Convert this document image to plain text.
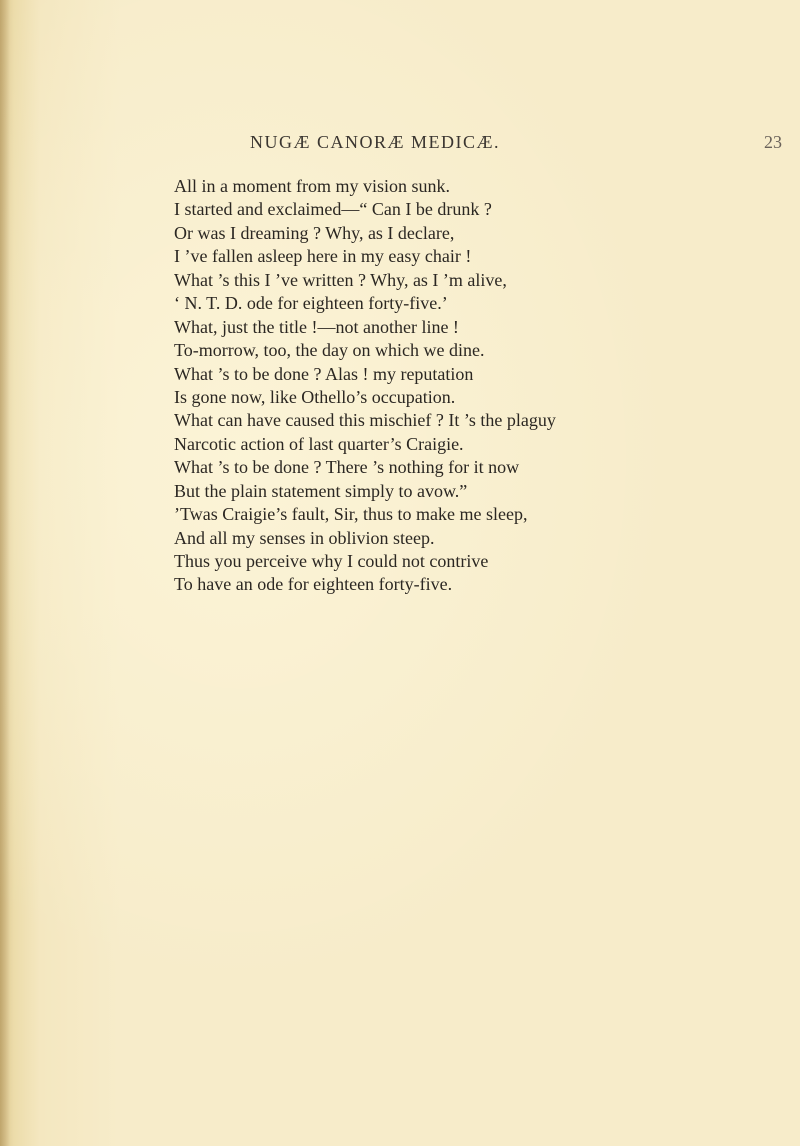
NUGÆ CANORÆ MEDICÆ.	23
All in a moment from my vision sunk.
I started and exclaimed—“ Can I be drunk ?
Or was I dreaming ? Why, as I declare,
I ’ve fallen asleep here in my easy chair !
What ’s this I ’ve written ? Why, as I ’m alive,
‘ N. T. D. ode for eighteen forty-five.’
What, just the title !—not another line !
To-morrow, too, the day on which we dine.
What ’s to be done ? Alas ! my reputation
Is gone now, like Othello’s occupation.
What can have caused this mischief ? It ’s the plaguy
Narcotic action of last quarter’s Craigie.
What ’s to be done ? There ’s nothing for it now
But the plain statement simply to avow.”
’Twas Craigie’s fault, Sir, thus to make me sleep,
And all my senses in oblivion steep.
Thus you perceive why I could not contrive
To have an ode for eighteen forty-five.
